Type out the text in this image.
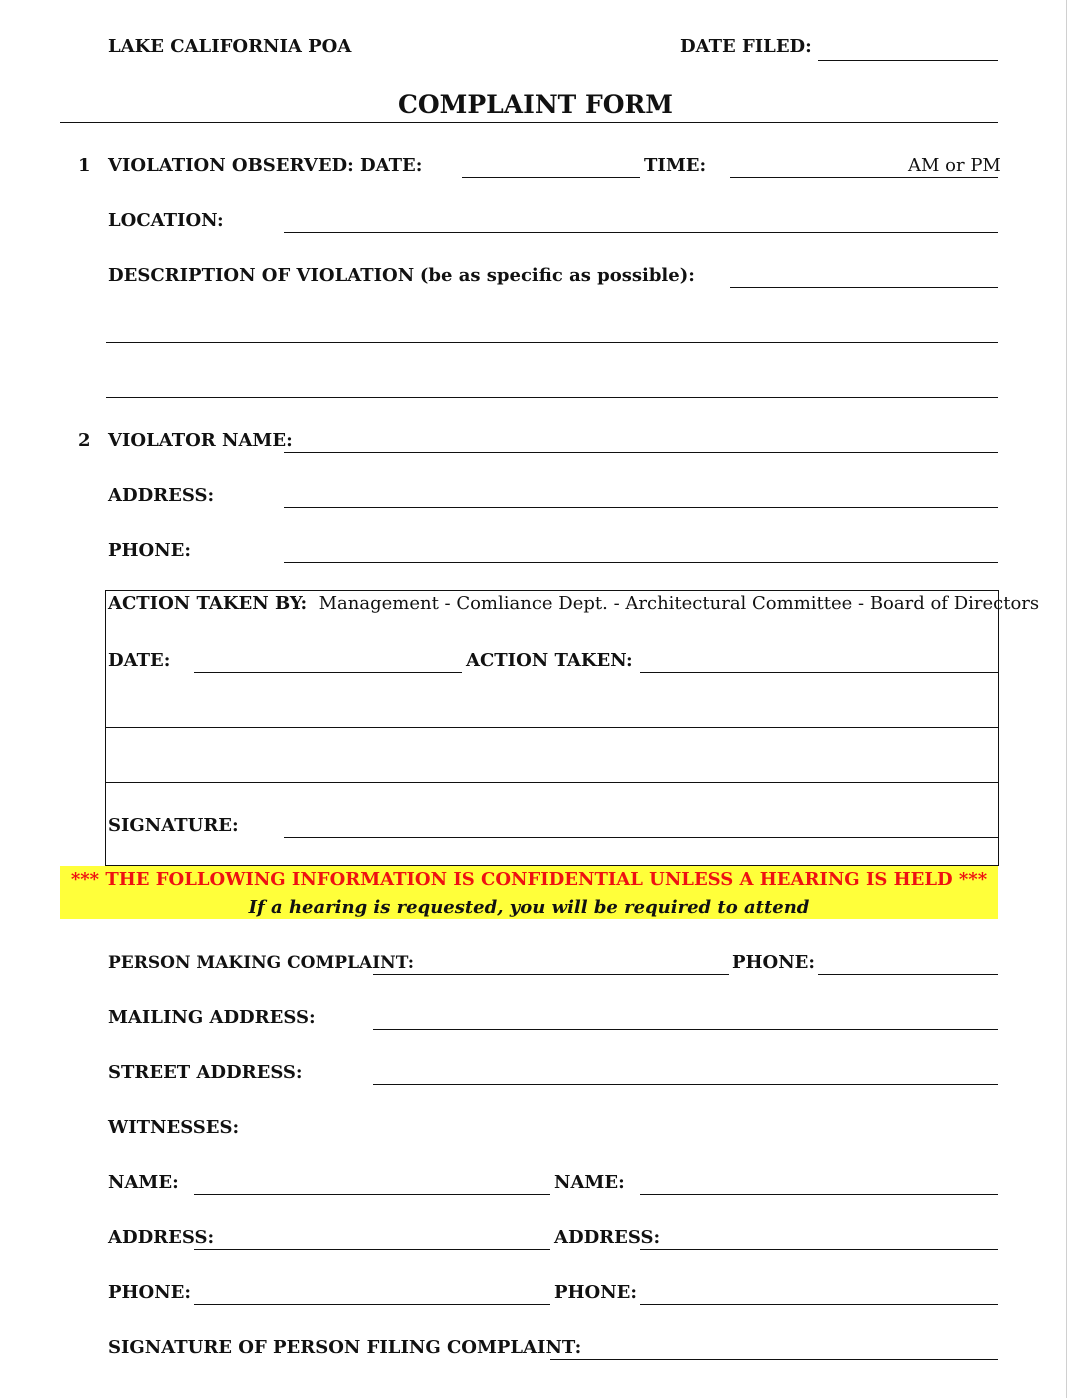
LAKE CALIFORNIA POA	DATE FILED:
COMPLAINT FORM
1 VIOLATION OBSERVED: DATE:	TIME:	AM or PM
LOCATION:
DESCRIPTION OF VIOLATION (be as specific as possible):
2 VIOLATOR NAME:
ADDRESS:
PHONE:
ACTION TAKEN BY: Management - Comliance Dept. - Architectural Committee - Board of Directors
DATE:	ACTION TAKEN:
SIGNATURE:
*** THE FOLLOWING INFORMATION IS CONFIDENTIAL UNLESS A HEARING IS HELD ***
If a hearing is requested, you will be required to attend
PERSON MAKING COMPLAINT:	PHONE:
MAILING ADDRESS:
STREET ADDRESS:
WITNESSES:
NAME:	NAME:
ADDRESS:	ADDRESS:
PHONE:	PHONE:
SIGNATURE OF PERSON FILING COMPLAINT:
